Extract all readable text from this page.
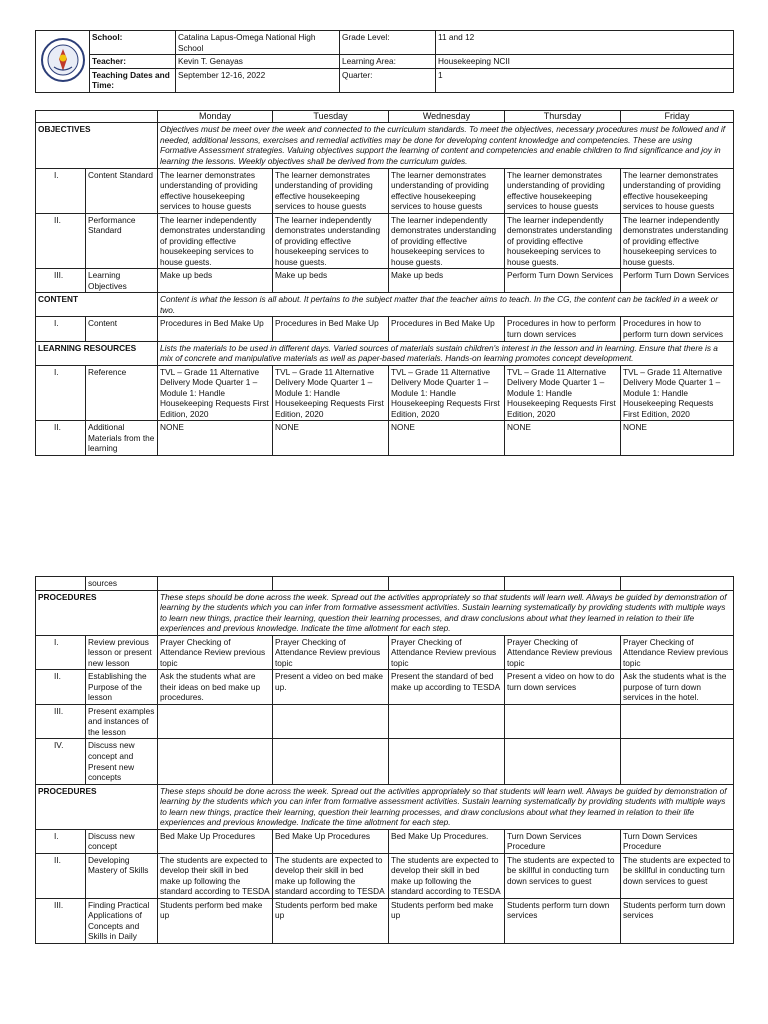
	School:	Catalina Lapus-Omega National High School	Grade Level:	11 and 12
	Teacher:	Kevin T. Genayas	Learning Area:	Housekeeping NCII
	Teaching Dates and Time:	September 12-16, 2022	Quarter:	1
		Monday	Tuesday	Wednesday	Thursday	Friday
OBJECTIVES		Objectives must be meet over the week and connected to the curriculum standards. To meet the objectives, necessary procedures must be followed and if needed, additional lessons, exercises and remedial activities may be done for developing content knowledge and competencies. These are using Formative Assessment strategies. Valuing objectives support the learning of content and competencies and enable children to find significance and joy in learning the lessons. Weekly objectives shall be derived from the curriculum guides.				
I.	Content Standard	The learner demonstrates understanding of providing effective housekeeping services to house guests	The learner demonstrates understanding of providing effective housekeeping services to house guests	The learner demonstrates understanding of providing effective housekeeping services to house guests	The learner demonstrates understanding of providing effective housekeeping services to house guests	The learner demonstrates understanding of providing effective housekeeping services to house guests
II.	Performance Standard	The learner independently demonstrates understanding of providing effective housekeeping services to house guests.	The learner independently demonstrates understanding of providing effective housekeeping services to house guests.	The learner independently demonstrates understanding of providing effective housekeeping services to house guests.	The learner independently demonstrates understanding of providing effective housekeeping services to house guests.	The learner independently demonstrates understanding of providing effective housekeeping services to house guests.
III.	Learning Objectives	Make up beds	Make up beds	Make up beds	Perform Turn Down Services	Perform Turn Down Services
CONTENT		Content is what the lesson is all about. It pertains to the subject matter that the teacher aims to teach. In the CG, the content can be tackled in a week or two.				
I.	Content	Procedures in Bed Make Up	Procedures in Bed Make Up	Procedures in Bed Make Up	Procedures in how to perform turn down services	Procedures in how to perform turn down services
LEARNING RESOURCES		Lists the materials to be used in different days. Varied sources of materials sustain children's interest in the lesson and in learning. Ensure that there is a mix of concrete and manipulative materials as well as paper-based materials. Hands-on learning promotes concept development.				
I.	Reference	TVL – Grade 11 Alternative Delivery Mode Quarter 1 – Module 1: Handle Housekeeping Requests First Edition, 2020	TVL – Grade 11 Alternative Delivery Mode Quarter 1 – Module 1: Handle Housekeeping Requests First Edition, 2020	TVL – Grade 11 Alternative Delivery Mode Quarter 1 – Module 1: Handle Housekeeping Requests First Edition, 2020	TVL – Grade 11 Alternative Delivery Mode Quarter 1 – Module 1: Handle Housekeeping Requests First Edition, 2020	TVL – Grade 11 Alternative Delivery Mode Quarter 1 – Module 1: Handle Housekeeping Requests First Edition, 2020
II.	Additional Materials from the learning	NONE	NONE	NONE	NONE	NONE
	sources					
PROCEDURES		These steps should be done across the week. Spread out the activities appropriately so that students will learn well. Always be guided by demonstration of learning by the students which you can infer from formative assessment activities. Sustain learning systematically by providing students with multiple ways to learn new things, practice their learning, question their learning processes, and draw conclusions about what they learned in relation to their life experiences and previous knowledge. Indicate the time allotment for each step.				
I.	Review previous lesson or present new lesson	Prayer Checking of Attendance Review previous topic	Prayer Checking of Attendance Review previous topic	Prayer Checking of Attendance Review previous topic	Prayer Checking of Attendance Review previous topic	Prayer Checking of Attendance Review previous topic
II.	Establishing the Purpose of the lesson	Ask the students what are their ideas on bed make up procedures.	Present a video on bed make up.	Present the standard of bed make up according to TESDA	Present a video on how to do turn down services	Ask the students what is the purpose of turn down services in the hotel.
III.	Present examples and instances of the lesson					
IV.	Discuss new concept and Present new concepts					
PROCEDURES		These steps should be done across the week. Spread out the activities appropriately so that students will learn well. Always be guided by demonstration of learning by the students which you can infer from formative assessment activities. Sustain learning systematically by providing students with multiple ways to learn new things, practice their learning, question their learning processes, and draw conclusions about what they learned in relation to their life experiences and previous knowledge. Indicate the time allotment for each step.				
I.	Discuss new concept	Bed Make Up Procedures	Bed Make Up Procedures	Bed Make Up Procedures.	Turn Down Services Procedure	Turn Down Services Procedure
II.	Developing Mastery of Skills	The students are expected to develop their skill in bed make up following the standard according to TESDA	The students are expected to develop their skill in bed make up following the standard according to TESDA	The students are expected to develop their skill in bed make up following the standard according to TESDA	The students are expected to be skillful in conducting turn down services to guest	The students are expected to be skillful in conducting turn down services to guest
III.	Finding Practical Applications of Concepts and Skills in Daily	Students perform bed make up	Students perform bed make up	Students perform bed make up	Students perform turn down services	Students perform turn down services
